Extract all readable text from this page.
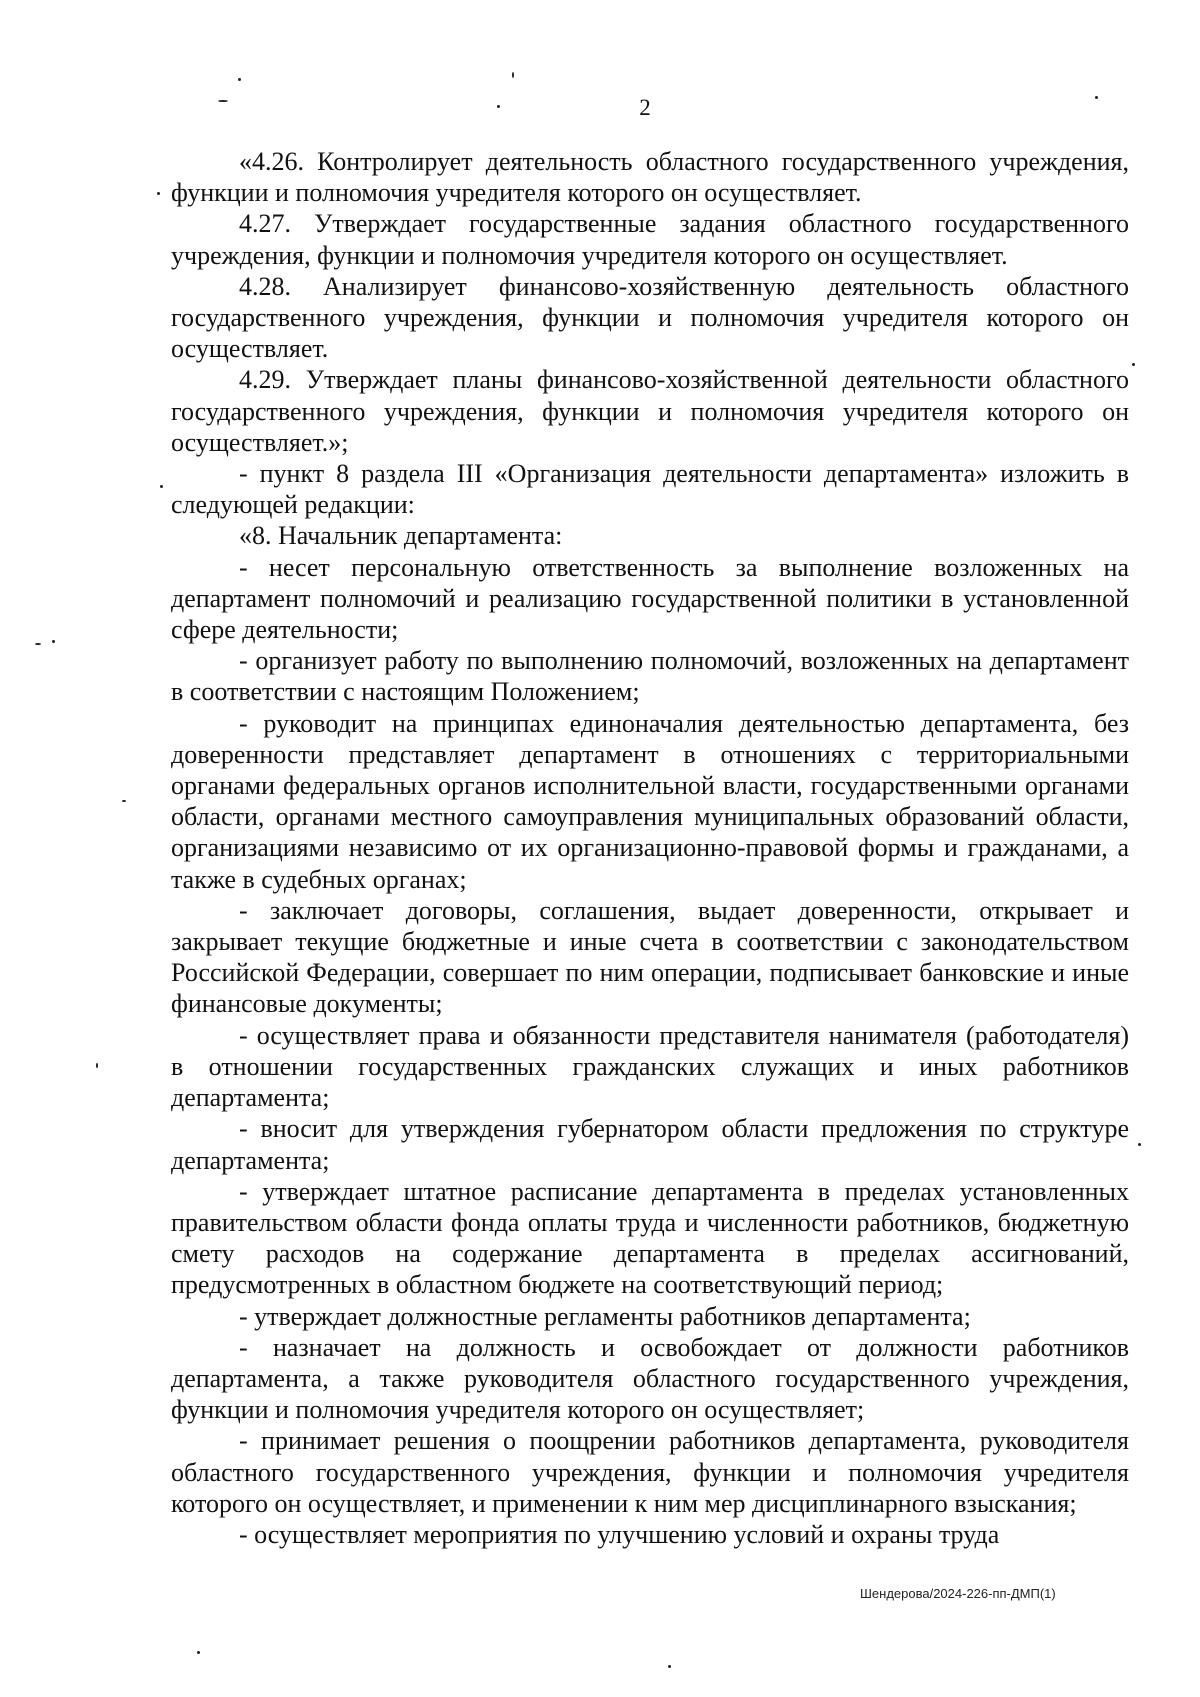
2

«4.26. Контролирует деятельность областного государственного учреждения, функции и полномочия учредителя которого он осуществляет.

4.27. Утверждает государственные задания областного государственного учреждения, функции и полномочия учредителя которого он осуществляет.

4.28. Анализирует финансово-хозяйственную деятельность областного государственного учреждения, функции и полномочия учредителя которого он осуществляет.

4.29. Утверждает планы финансово-хозяйственной деятельности областного государственного учреждения, функции и полномочия учредителя которого он осуществляет.»;

- пункт 8 раздела III «Организация деятельности департамента» изложить в следующей редакции:

«8. Начальник департамента:

- несет персональную ответственность за выполнение возложенных на департамент полномочий и реализацию государственной политики в установленной сфере деятельности;

- организует работу по выполнению полномочий, возложенных на департамент в соответствии с настоящим Положением;

- руководит на принципах единоначалия деятельностью департамента, без доверенности представляет департамент в отношениях с территориальными органами федеральных органов исполнительной власти, государственными органами области, органами местного самоуправления муниципальных образований области, организациями независимо от их организационно-правовой формы и гражданами, а также в судебных органах;

- заключает договоры, соглашения, выдает доверенности, открывает и закрывает текущие бюджетные и иные счета в соответствии с законодательством Российской Федерации, совершает по ним операции, подписывает банковские и иные финансовые документы;

- осуществляет права и обязанности представителя нанимателя (работодателя) в отношении государственных гражданских служащих и иных работников департамента;

- вносит для утверждения губернатором области предложения по структуре департамента;

- утверждает штатное расписание департамента в пределах установленных правительством области фонда оплаты труда и численности работников, бюджетную смету расходов на содержание департамента в пределах ассигнований, предусмотренных в областном бюджете на соответствующий период;

- утверждает должностные регламенты работников департамента;

- назначает на должность и освобождает от должности работников департамента, а также руководителя областного государственного учреждения, функции и полномочия учредителя которого он осуществляет;

- принимает решения о поощрении работников департамента, руководителя областного государственного учреждения, функции и полномочия учредителя которого он осуществляет, и применении к ним мер дисциплинарного взыскания;

- осуществляет мероприятия по улучшению условий и охраны труда

Шендерова/2024-226-пп-ДМП(1)
